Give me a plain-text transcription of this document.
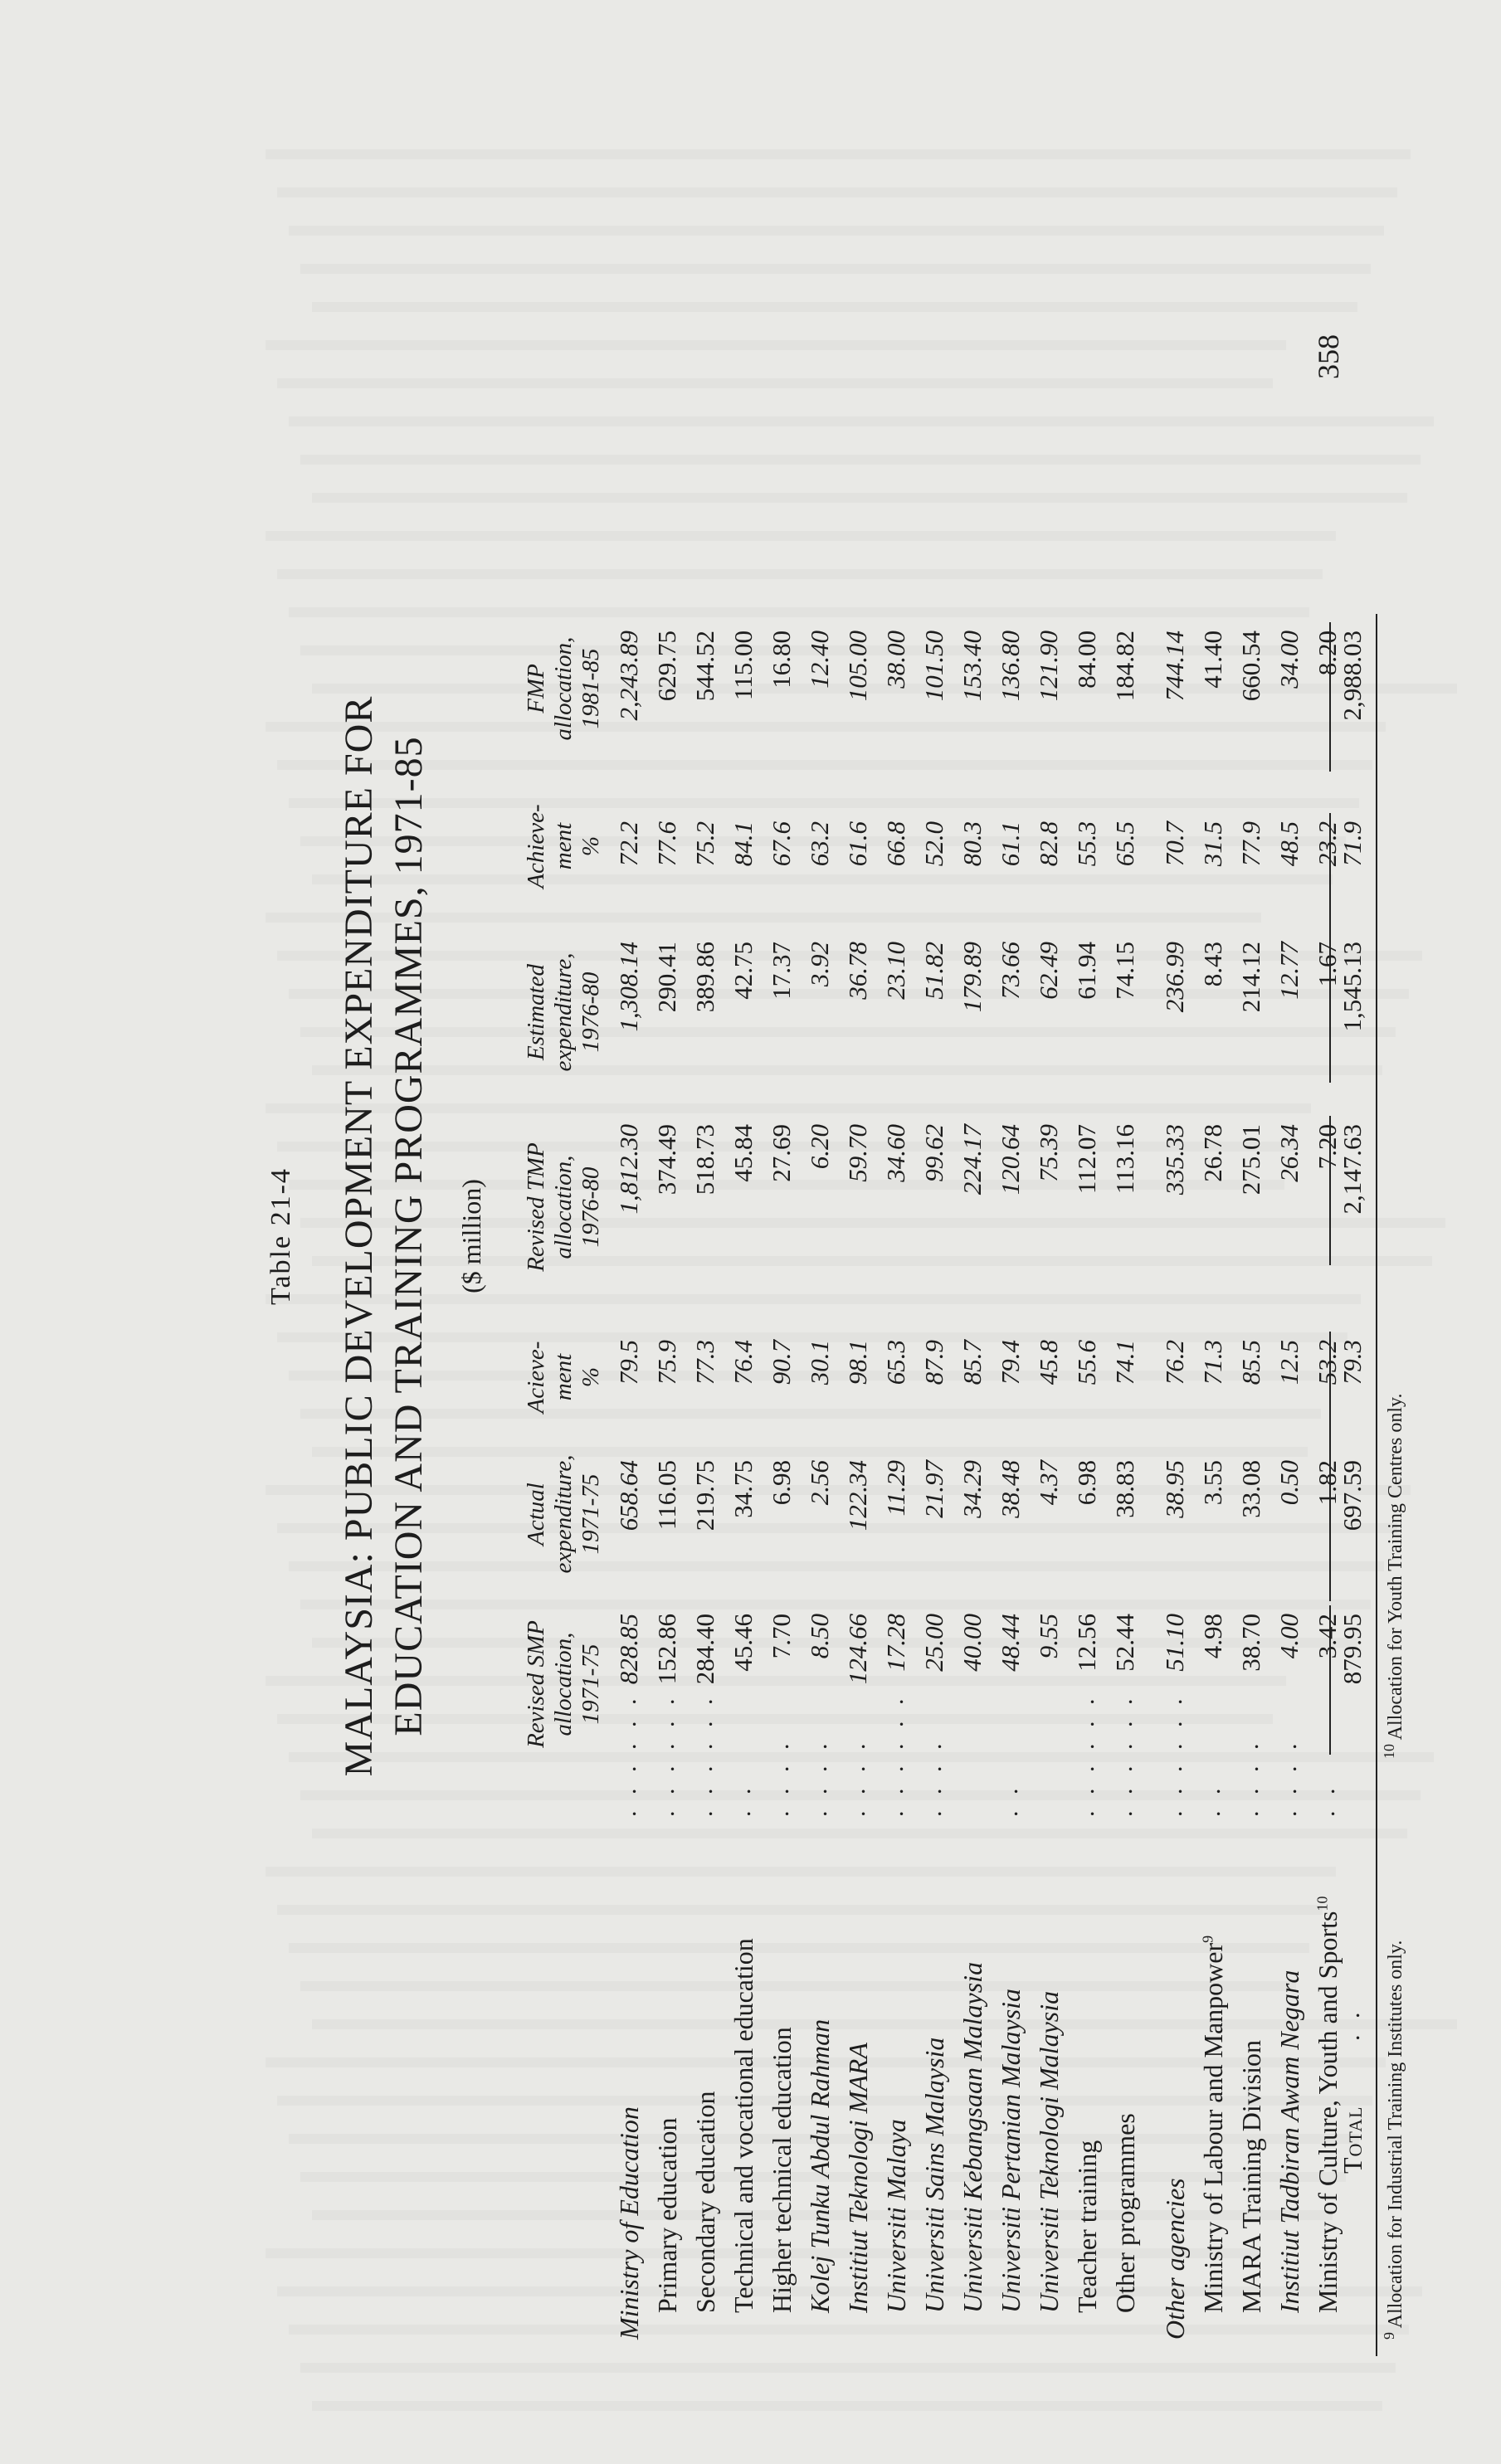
Table 21-4 MALAYSIA: PUBLIC DEVELOPMENT EXPENDITURE FOR EDUCATION AND TRAINING PROGRAMMES, 1971-85 ($ million)
Revised SMP allocation, 1971-75
Actual expenditure, 1971-75
Acieve- ment %
Revised TMP allocation, 1976-80
Estimated expenditure, 1976-80
Achieve- ment %
FMP allocation, 1981-85
Ministry of Education
. . . . . .
828.85
658.64
79.5
1,812.30
1,308.14
72.2
2,243.89
Primary education
. . . . . .
152.86
116.05
75.9
374.49
290.41
77.6
629.75
Secondary education
. . . . . .
284.40
219.75
77.3
518.73
389.86
75.2
544.52
Technical and vocational education
. .
45.46
34.75
76.4
45.84
42.75
84.1
115.00
Higher technical education
. . . .
7.70
6.98
90.7
27.69
17.37
67.6
16.80
Kolej Tunku Abdul Rahman
. . . .
8.50
2.56
30.1
6.20
3.92
63.2
12.40
Institiut Teknologi MARA
. . . .
124.66
122.34
98.1
59.70
36.78
61.6
105.00
Universiti Malaya
. . . . . .
17.28
11.29
65.3
34.60
23.10
66.8
38.00
Universiti Sains Malaysia
. . . .
25.00
21.97
87.9
99.62
51.82
52.0
101.50
Universiti Kebangsaan Malaysia
40.00
34.29
85.7
224.17
179.89
80.3
153.40
Universiti Pertanian Malaysia
. .
48.44
38.48
79.4
120.64
73.66
61.1
136.80
Universiti Teknologi Malaysia
9.55
4.37
45.8
75.39
62.49
82.8
121.90
Teacher training
. . . . . .
12.56
6.98
55.6
112.07
61.94
55.3
84.00
Other programmes
. . . . . .
52.44
38.83
74.1
113.16
74.15
65.5
184.82
Other agencies
. . . . . .
51.10
38.95
76.2
335.33
236.99
70.7
744.14
Ministry of Labour and Manpower$^9$
. .
4.98
3.55
71.3
26.78
8.43
31.5
41.40
MARA Training Division
. . . .
38.70
33.08
85.5
275.01
214.12
77.9
660.54
Institiut Tadbiran Awam Negara
. . . .
4.00
0.50
12.5
26.34
12.77
48.5
34.00
Ministry of Culture, Youth and Sports$^{10}$
. .
3.42
1.82
53.2
7.20
1.67
23.2
8.20
Total
. .
879.95
697.59
79.3
2,147.63
1,545.13
71.9
2,988.03
358
$^9$ Allocation for Industrial Training Institutes only.
$^{10}$ Allocation for Youth Training Centres only.
